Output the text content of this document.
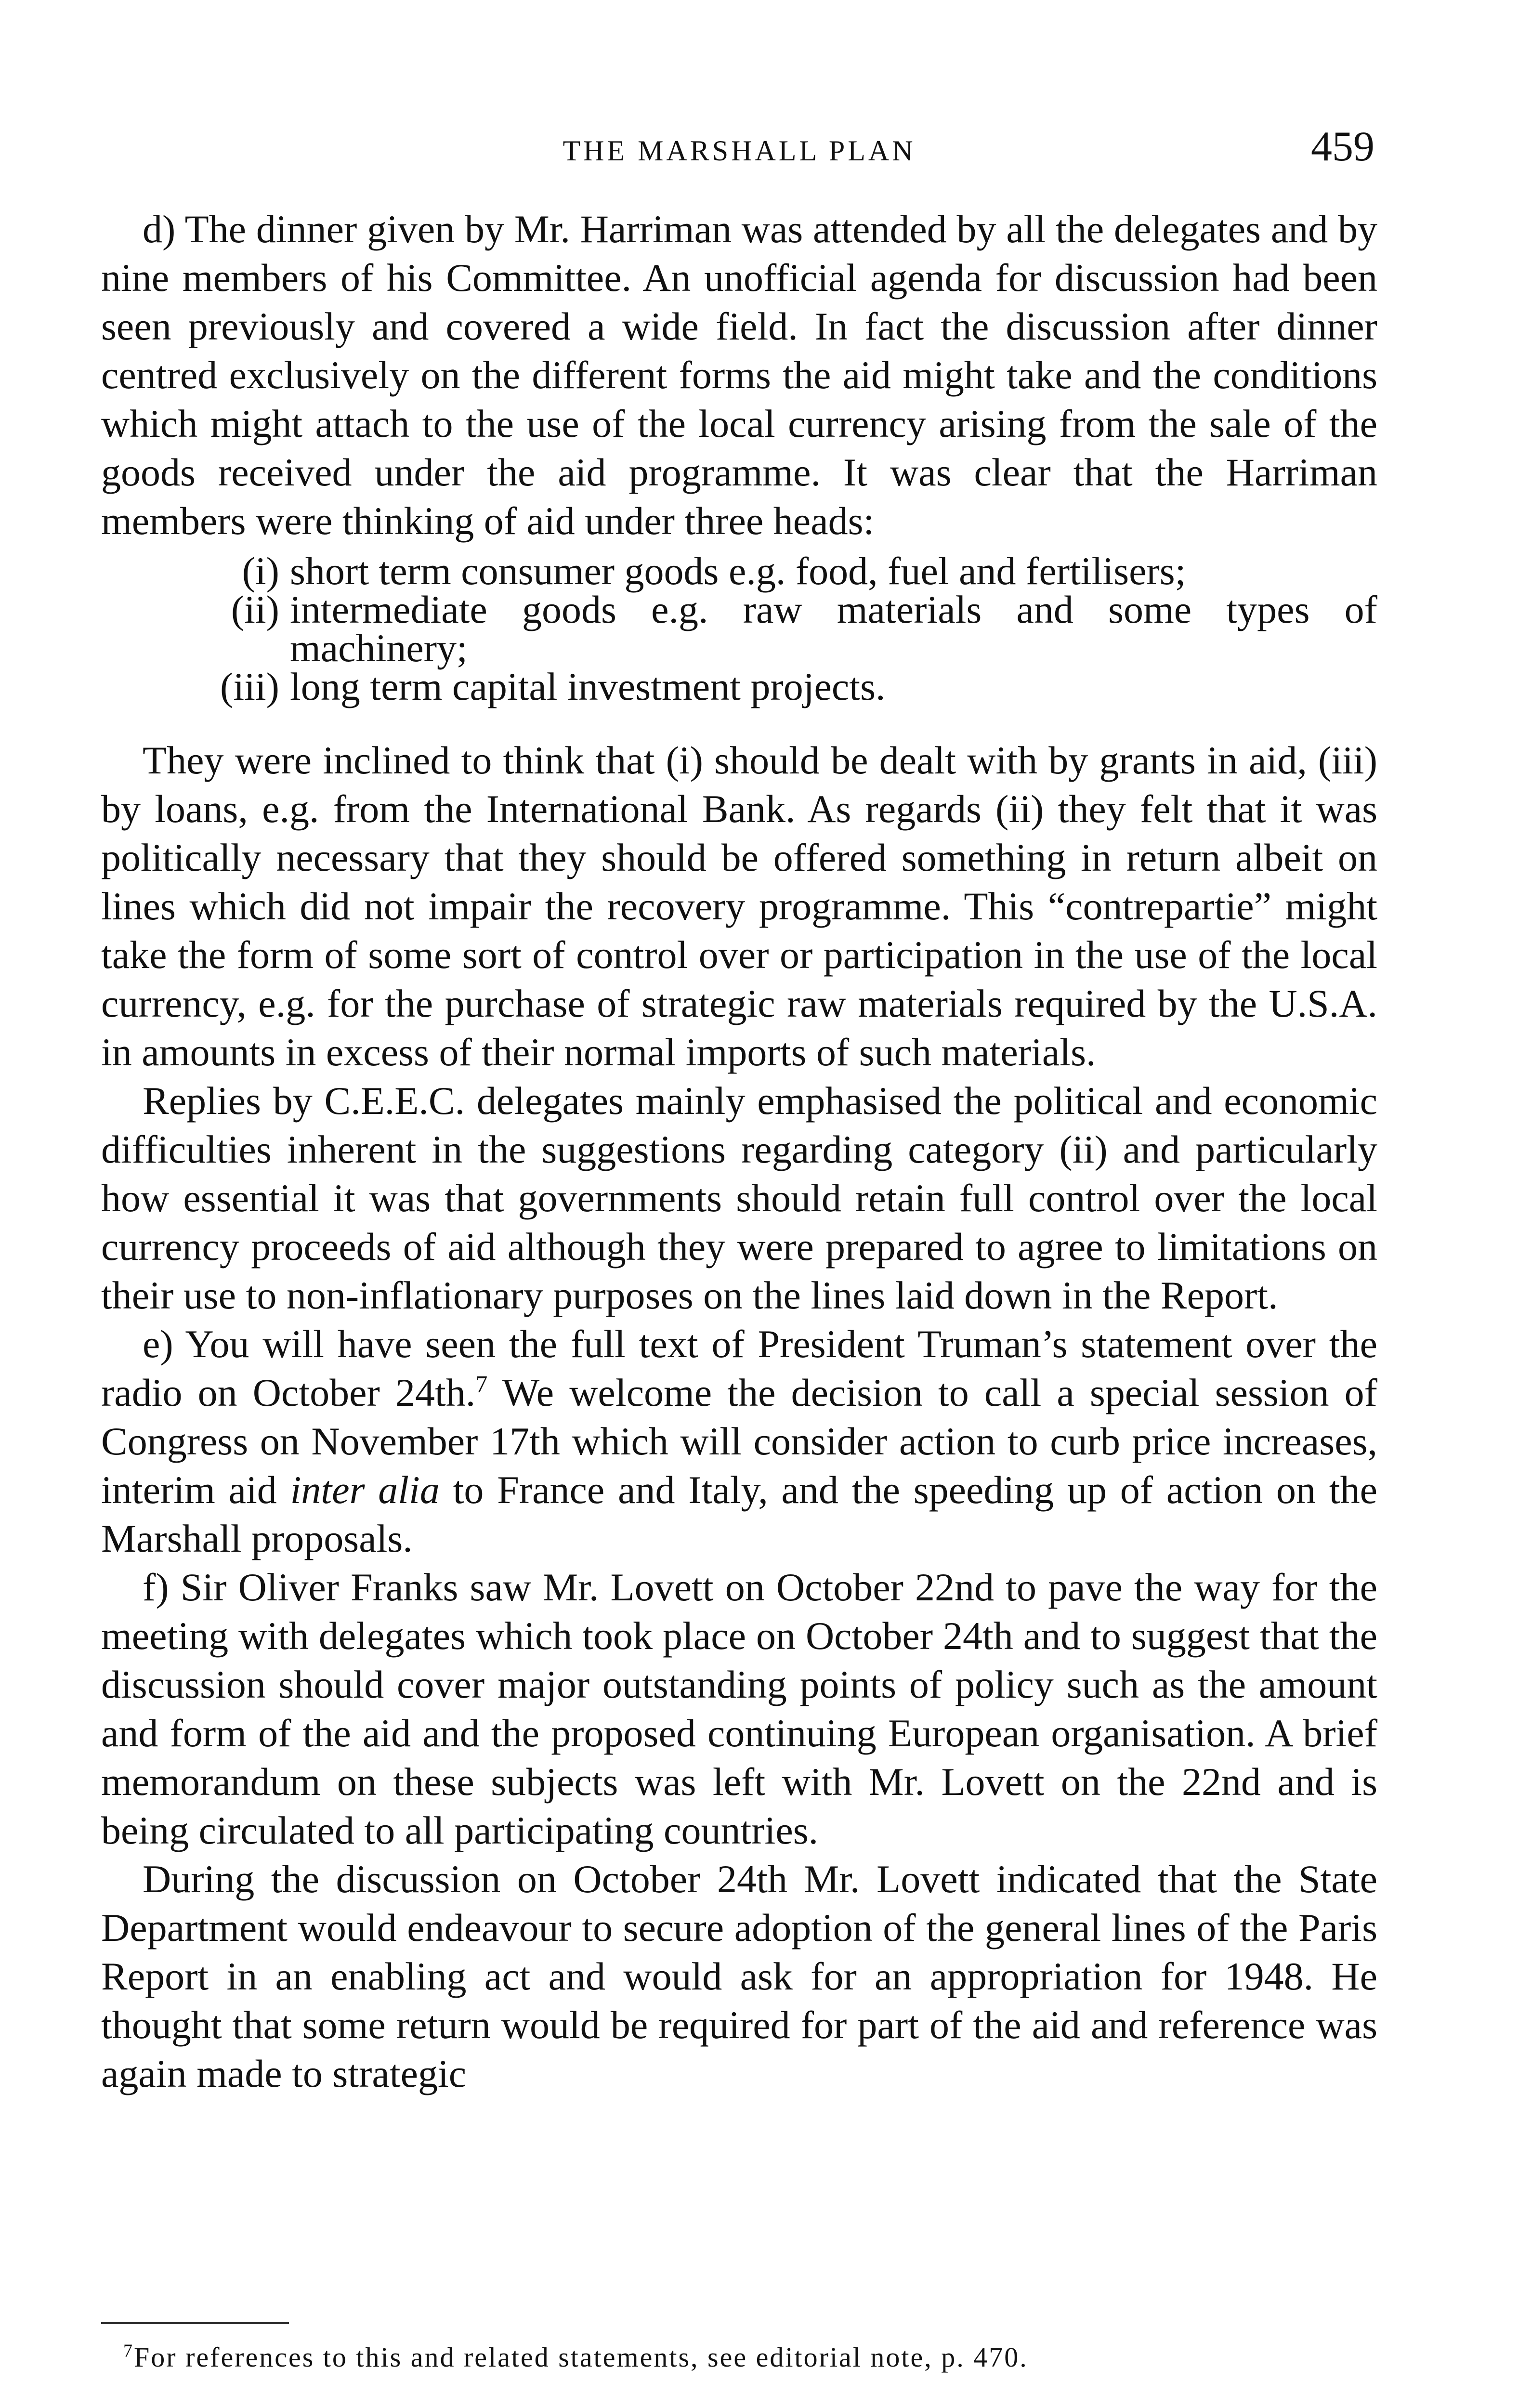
THE MARSHALL PLAN	459

d) The dinner given by Mr. Harriman was attended by all the delegates and by nine members of his Committee. An unofficial agenda for discussion had been seen previously and covered a wide field. In fact the discussion after dinner centred exclusively on the different forms the aid might take and the conditions which might attach to the use of the local currency arising from the sale of the goods received under the aid programme. It was clear that the Harriman members were thinking of aid under three heads:

(i) short term consumer goods e.g. food, fuel and fertilisers;
(ii) intermediate goods e.g. raw materials and some types of
machinery;
(iii) long term capital investment projects.

They were inclined to think that (i) should be dealt with by grants in aid, (iii) by loans, e.g. from the International Bank. As regards (ii) they felt that it was politically necessary that they should be offered something in return albeit on lines which did not impair the recovery programme. This “contrepartie” might take the form of some sort of control over or participation in the use of the local currency, e.g. for the purchase of strategic raw materials required by the U.S.A. in amounts in excess of their normal imports of such materials.

Replies by C.E.E.C. delegates mainly emphasised the political and economic difficulties inherent in the suggestions regarding category (ii) and particularly how essential it was that governments should retain full control over the local currency proceeds of aid although they were prepared to agree to limitations on their use to non-inflationary purposes on the lines laid down in the Report.

e) You will have seen the full text of President Truman’s statement over the radio on October 24th.$^7$ We welcome the decision to call a special session of Congress on November 17th which will consider action to curb price increases, interim aid inter alia to France and Italy, and the speeding up of action on the Marshall proposals.

f) Sir Oliver Franks saw Mr. Lovett on October 22nd to pave the way for the meeting with delegates which took place on October 24th and to suggest that the discussion should cover major outstanding points of policy such as the amount and form of the aid and the proposed continuing European organisation. A brief memorandum on these subjects was left with Mr. Lovett on the 22nd and is being circulated to all participating countries.

During the discussion on October 24th Mr. Lovett indicated that the State Department would endeavour to secure adoption of the general lines of the Paris Report in an enabling act and would ask for an appropriation for 1948. He thought that some return would be required for part of the aid and reference was again made to strategic

$^7$For references to this and related statements, see editorial note, p. 470.
